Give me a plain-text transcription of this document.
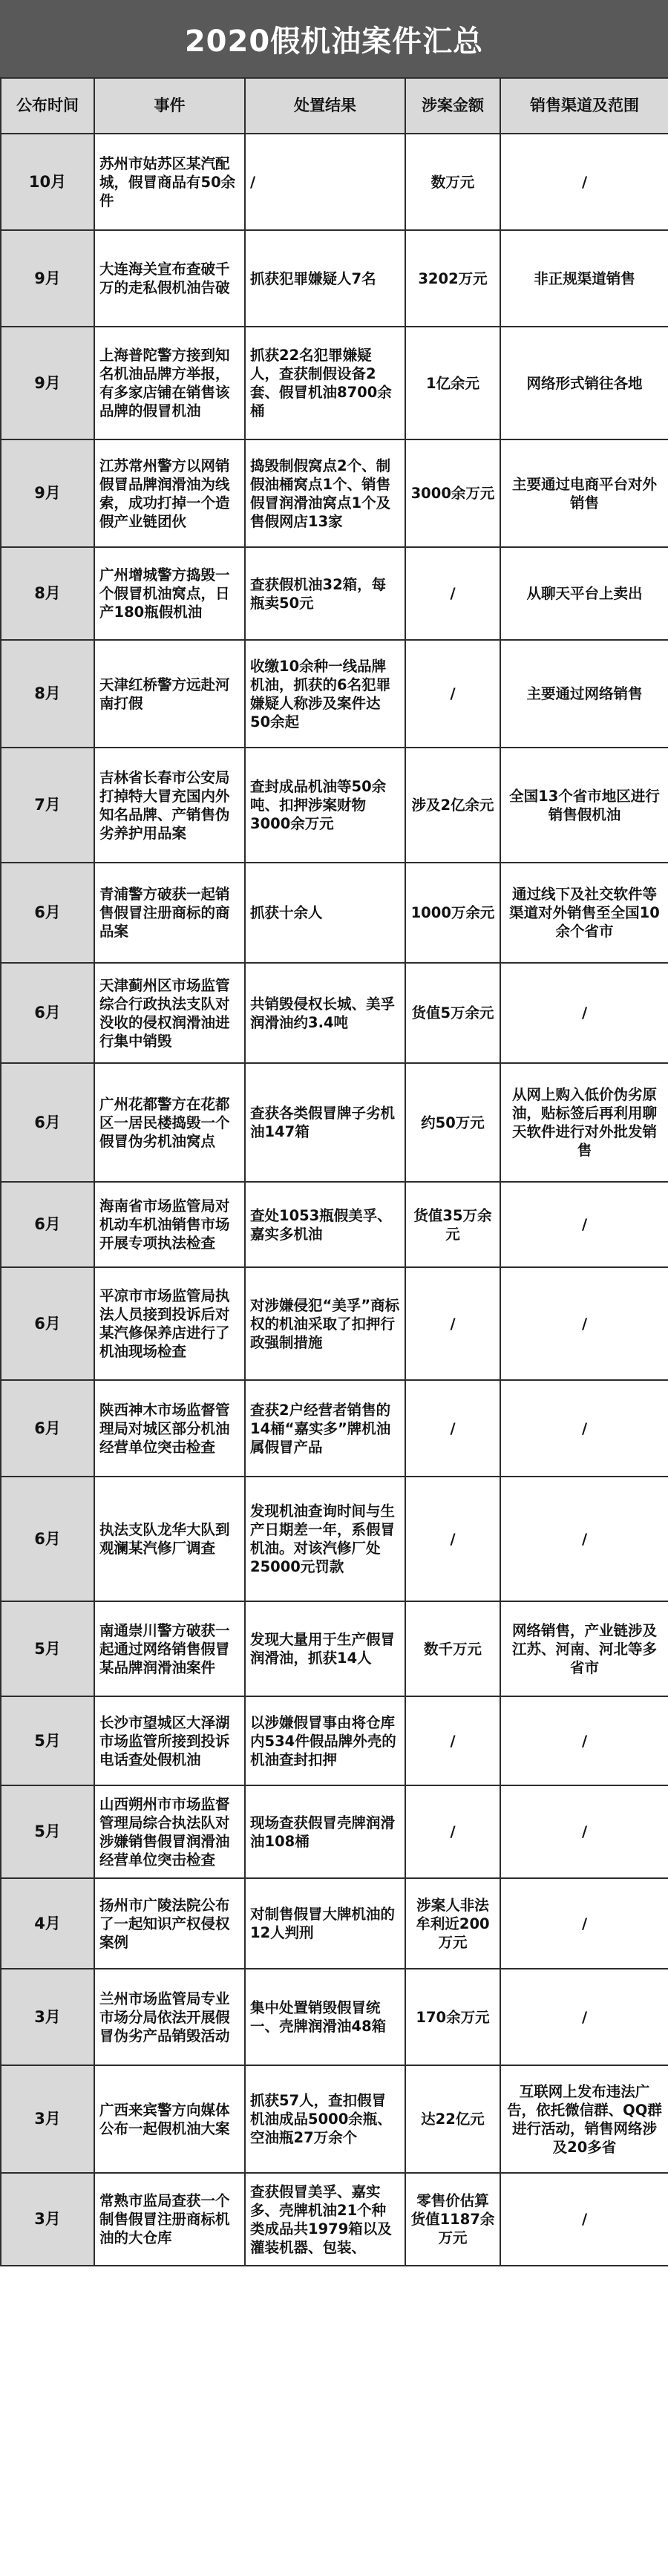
2020假机油案件汇总
公布时间	事件	处置结果	涉案金额	销售渠道及范围
10月	苏州市姑苏区某汽配城，假冒商品有50余件	/	数万元	/
9月	大连海关宣布查破千万的走私假机油告破	抓获犯罪嫌疑人7名	3202万元	非正规渠道销售
9月	上海普陀警方接到知名机油品牌方举报，有多家店铺在销售该品牌的假冒机油	抓获22名犯罪嫌疑人，查获制假设备2套、假冒机油8700余桶	1亿余元	网络形式销往各地
9月	江苏常州警方以网销假冒品牌润滑油为线索，成功打掉一个造假产业链团伙	捣毁制假窝点2个、制假油桶窝点1个、销售假冒润滑油窝点1个及售假网店13家	3000余万元	主要通过电商平台对外销售
8月	广州增城警方捣毁一个假冒机油窝点，日产180瓶假机油	查获假机油32箱，每瓶卖50元	/	从聊天平台上卖出
8月	天津红桥警方远赴河南打假	收缴10余种一线品牌机油，抓获的6名犯罪嫌疑人称涉及案件达50余起	/	主要通过网络销售
7月	吉林省长春市公安局打掉特大冒充国内外知名品牌、产销售伪劣养护用品案	查封成品机油等50余吨、扣押涉案财物3000余万元	涉及2亿余元	全国13个省市地区进行销售假机油
6月	青浦警方破获一起销售假冒注册商标的商品案	抓获十余人	1000万余元	通过线下及社交软件等渠道对外销售至全国10余个省市
6月	天津蓟州区市场监管综合行政执法支队对没收的侵权润滑油进行集中销毁	共销毁侵权长城、美孚润滑油约3.4吨	货值5万余元	/
6月	广州花都警方在花都区一居民楼捣毁一个假冒伪劣机油窝点	查获各类假冒牌子劣机油147箱	约50万元	从网上购入低价伪劣原油，贴标签后再利用聊天软件进行对外批发销售
6月	海南省市场监管局对机动车机油销售市场开展专项执法检查	查处1053瓶假美孚、嘉实多机油	货值35万余元	/
6月	平凉市市场监管局执法人员接到投诉后对某汽修保养店进行了机油现场检查	对涉嫌侵犯“美孚”商标权的机油采取了扣押行政强制措施	/	/
6月	陕西神木市场监督管理局对城区部分机油经营单位突击检查	查获2户经营者销售的14桶“嘉实多”牌机油属假冒产品	/	/
6月	执法支队龙华大队到观澜某汽修厂调查	发现机油查询时间与生产日期差一年，系假冒机油。对该汽修厂处25000元罚款	/	/
5月	南通崇川警方破获一起通过网络销售假冒某品牌润滑油案件	发现大量用于生产假冒润滑油，抓获14人	数千万元	网络销售，产业链涉及江苏、河南、河北等多省市
5月	长沙市望城区大泽湖市场监管所接到投诉电话查处假机油	以涉嫌假冒事由将仓库内534件假品牌外壳的机油查封扣押	/	/
5月	山西朔州市市场监督管理局综合执法队对涉嫌销售假冒润滑油经营单位突击检查	现场查获假冒壳牌润滑油108桶	/	/
4月	扬州市广陵法院公布了一起知识产权侵权案例	对制售假冒大牌机油的12人判刑	涉案人非法牟利近200万元	/
3月	兰州市场监管局专业市场分局依法开展假冒伪劣产品销毁活动	集中处置销毁假冒统一、壳牌润滑油48箱	170余万元	/
3月	广西来宾警方向媒体公布一起假机油大案	抓获57人，查扣假冒机油成品5000余瓶、空油瓶27万余个	达22亿元	互联网上发布违法广告，依托微信群、QQ群进行活动，销售网络涉及20多省
3月	常熟市监局查获一个制售假冒注册商标机油的大仓库	查获假冒美孚、嘉实多、壳牌机油21个种类成品共1979箱以及灌装机器、包装、	零售价估算货值1187余万元	/
